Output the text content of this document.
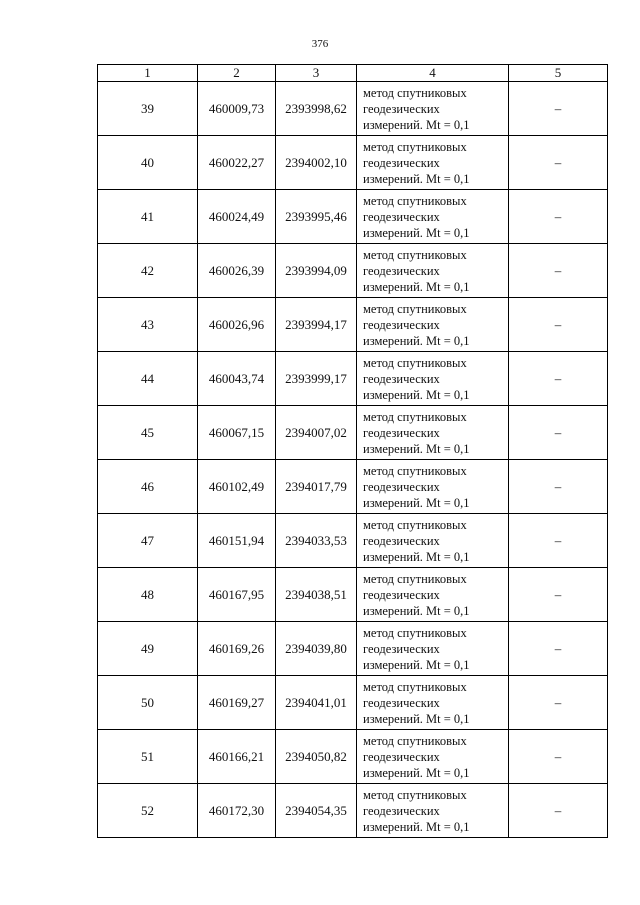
376
1	2	3	4	5
39	460009,73	2393998,62	метод спутниковых
геодезических
измерений. Mt = 0,1	–
40	460022,27	2394002,10	метод спутниковых
геодезических
измерений. Mt = 0,1	–
41	460024,49	2393995,46	метод спутниковых
геодезических
измерений. Mt = 0,1	–
42	460026,39	2393994,09	метод спутниковых
геодезических
измерений. Mt = 0,1	–
43	460026,96	2393994,17	метод спутниковых
геодезических
измерений. Mt = 0,1	–
44	460043,74	2393999,17	метод спутниковых
геодезических
измерений. Mt = 0,1	–
45	460067,15	2394007,02	метод спутниковых
геодезических
измерений. Mt = 0,1	–
46	460102,49	2394017,79	метод спутниковых
геодезических
измерений. Mt = 0,1	–
47	460151,94	2394033,53	метод спутниковых
геодезических
измерений. Mt = 0,1	–
48	460167,95	2394038,51	метод спутниковых
геодезических
измерений. Mt = 0,1	–
49	460169,26	2394039,80	метод спутниковых
геодезических
измерений. Mt = 0,1	–
50	460169,27	2394041,01	метод спутниковых
геодезических
измерений. Mt = 0,1	–
51	460166,21	2394050,82	метод спутниковых
геодезических
измерений. Mt = 0,1	–
52	460172,30	2394054,35	метод спутниковых
геодезических
измерений. Mt = 0,1	–
